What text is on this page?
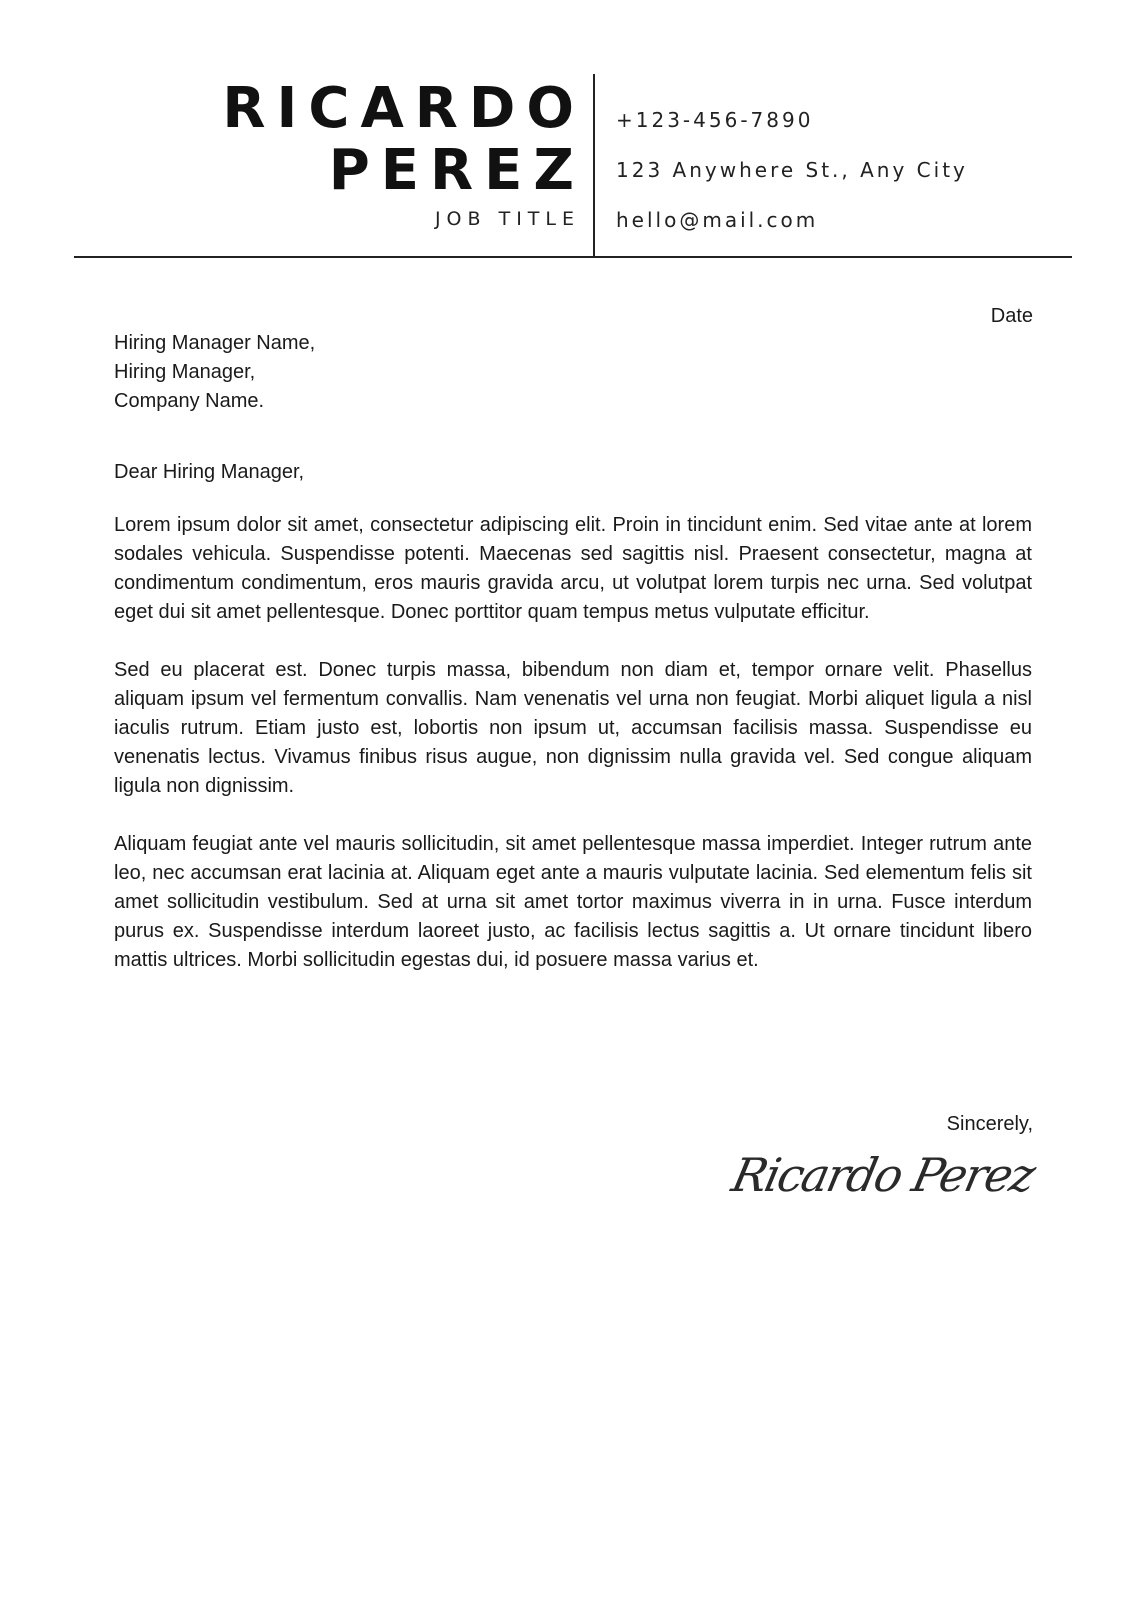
RICARDO
PEREZ
JOB TITLE
+123-456-7890
123 Anywhere St., Any City
hello@mail.com
Date
Hiring Manager Name,
Hiring Manager,
Company Name.
Dear Hiring Manager,

Lorem ipsum dolor sit amet, consectetur adipiscing elit. Proin in tincidunt enim. Sed vitae ante at lorem sodales vehicula. Suspendisse potenti. Maecenas sed sagittis nisl. Praesent consectetur, magna at condimentum condimentum, eros mauris gravida arcu, ut volutpat lorem turpis nec urna. Sed volutpat eget dui sit amet pellentesque. Donec porttitor quam tempus metus vulputate efficitur.

Sed eu placerat est. Donec turpis massa, bibendum non diam et, tempor ornare velit. Phasellus aliquam ipsum vel fermentum convallis. Nam venenatis vel urna non feugiat. Morbi aliquet ligula a nisl iaculis rutrum. Etiam justo est, lobortis non ipsum ut, accumsan facilisis massa. Suspendisse eu venenatis lectus. Vivamus finibus risus augue, non dignissim nulla gravida vel. Sed congue aliquam ligula non dignissim.

Aliquam feugiat ante vel mauris sollicitudin, sit amet pellentesque massa imperdiet. Integer rutrum ante leo, nec accumsan erat lacinia at. Aliquam eget ante a mauris vulputate lacinia. Sed elementum felis sit amet sollicitudin vestibulum. Sed at urna sit amet tortor maximus viverra in in urna. Fusce interdum purus ex. Suspendisse interdum laoreet justo, ac facilisis lectus sagittis a. Ut ornare tincidunt libero mattis ultrices. Morbi sollicitudin egestas dui, id posuere massa varius et.

Sincerely,
Ricardo Perez
